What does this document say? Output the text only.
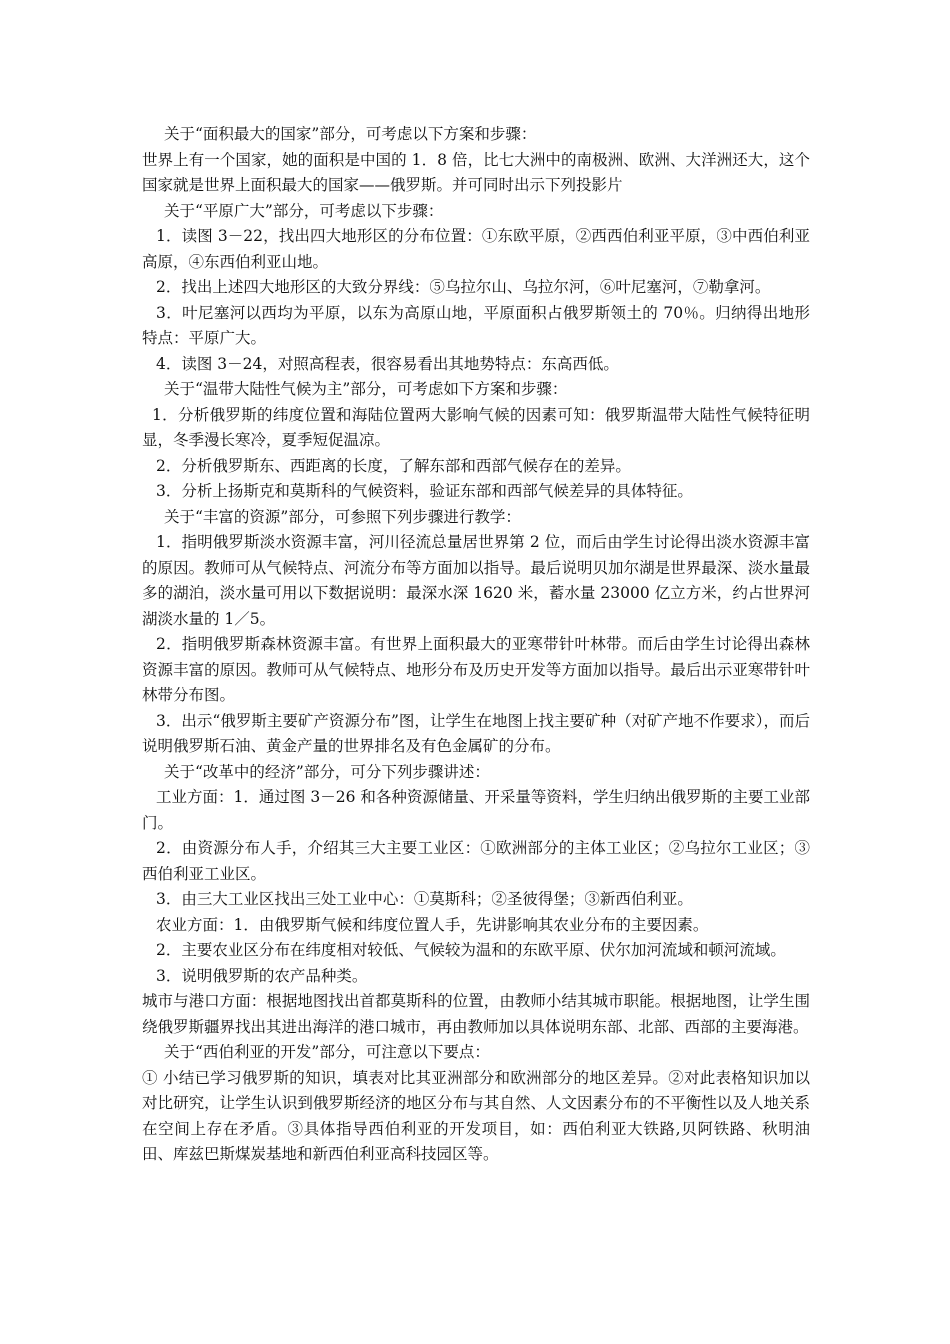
关于“面积最大的国家”部分，可考虑以下方案和步骤：

世界上有一个国家，她的面积是中国的 1．8 倍，比七大洲中的南极洲、欧洲、大洋洲还大，这个国家就是世界上面积最大的国家——俄罗斯。并可同时出示下列投影片

关于“平原广大”部分，可考虑以下步骤：

1．读图 3－22，找出四大地形区的分布位置：①东欧平原，②西西伯利亚平原，③中西伯利亚高原，④东西伯利亚山地。

2．找出上述四大地形区的大致分界线：⑤乌拉尔山、乌拉尔河，⑥叶尼塞河，⑦勒拿河。

3．叶尼塞河以西均为平原，以东为高原山地，平原面积占俄罗斯领土的 70％。归纳得出地形特点：平原广大。

4．读图 3－24，对照高程表，很容易看出其地势特点：东高西低。

关于“温带大陆性气候为主”部分，可考虑如下方案和步骤：

1．分析俄罗斯的纬度位置和海陆位置两大影响气候的因素可知：俄罗斯温带大陆性气候特征明显，冬季漫长寒冷，夏季短促温凉。

2．分析俄罗斯东、西距离的长度，了解东部和西部气候存在的差异。

3．分析上扬斯克和莫斯科的气候资料，验证东部和西部气候差异的具体特征。

关于“丰富的资源”部分，可参照下列步骤进行教学：

1．指明俄罗斯淡水资源丰富，河川径流总量居世界第 2 位，而后由学生讨论得出淡水资源丰富的原因。教师可从气候特点、河流分布等方面加以指导。最后说明贝加尔湖是世界最深、淡水量最多的湖泊，淡水量可用以下数据说明：最深水深 1620 米，蓄水量 23000 亿立方米，约占世界河湖淡水量的 1／5。

2．指明俄罗斯森林资源丰富。有世界上面积最大的亚寒带针叶林带。而后由学生讨论得出森林资源丰富的原因。教师可从气候特点、地形分布及历史开发等方面加以指导。最后出示亚寒带针叶林带分布图。

3．出示“俄罗斯主要矿产资源分布”图，让学生在地图上找主要矿种（对矿产地不作要求），而后说明俄罗斯石油、黄金产量的世界排名及有色金属矿的分布。

关于“改革中的经济”部分，可分下列步骤讲述：

工业方面：1．通过图 3－26 和各种资源储量、开采量等资料，学生归纳出俄罗斯的主要工业部门。

2．由资源分布人手，介绍其三大主要工业区：①欧洲部分的主体工业区；②乌拉尔工业区；③西伯利亚工业区。

3．由三大工业区找出三处工业中心：①莫斯科；②圣彼得堡；③新西伯利亚。

农业方面：1．由俄罗斯气候和纬度位置人手，先讲影响其农业分布的主要因素。

2．主要农业区分布在纬度相对较低、气候较为温和的东欧平原、伏尔加河流域和顿河流域。

3．说明俄罗斯的农产品种类。

城市与港口方面：根据地图找出首都莫斯科的位置，由教师小结其城市职能。根据地图，让学生围绕俄罗斯疆界找出其进出海洋的港口城市，再由教师加以具体说明东部、北部、西部的主要海港。

关于“西伯利亚的开发”部分，可注意以下要点：

① 小结已学习俄罗斯的知识，填表对比其亚洲部分和欧洲部分的地区差异。②对此表格知识加以对比研究，让学生认识到俄罗斯经济的地区分布与其自然、人文因素分布的不平衡性以及人地关系在空间上存在矛盾。③具体指导西伯利亚的开发项目，如：西伯利亚大铁路,贝阿铁路、秋明油田、库兹巴斯煤炭基地和新西伯利亚高科技园区等。
